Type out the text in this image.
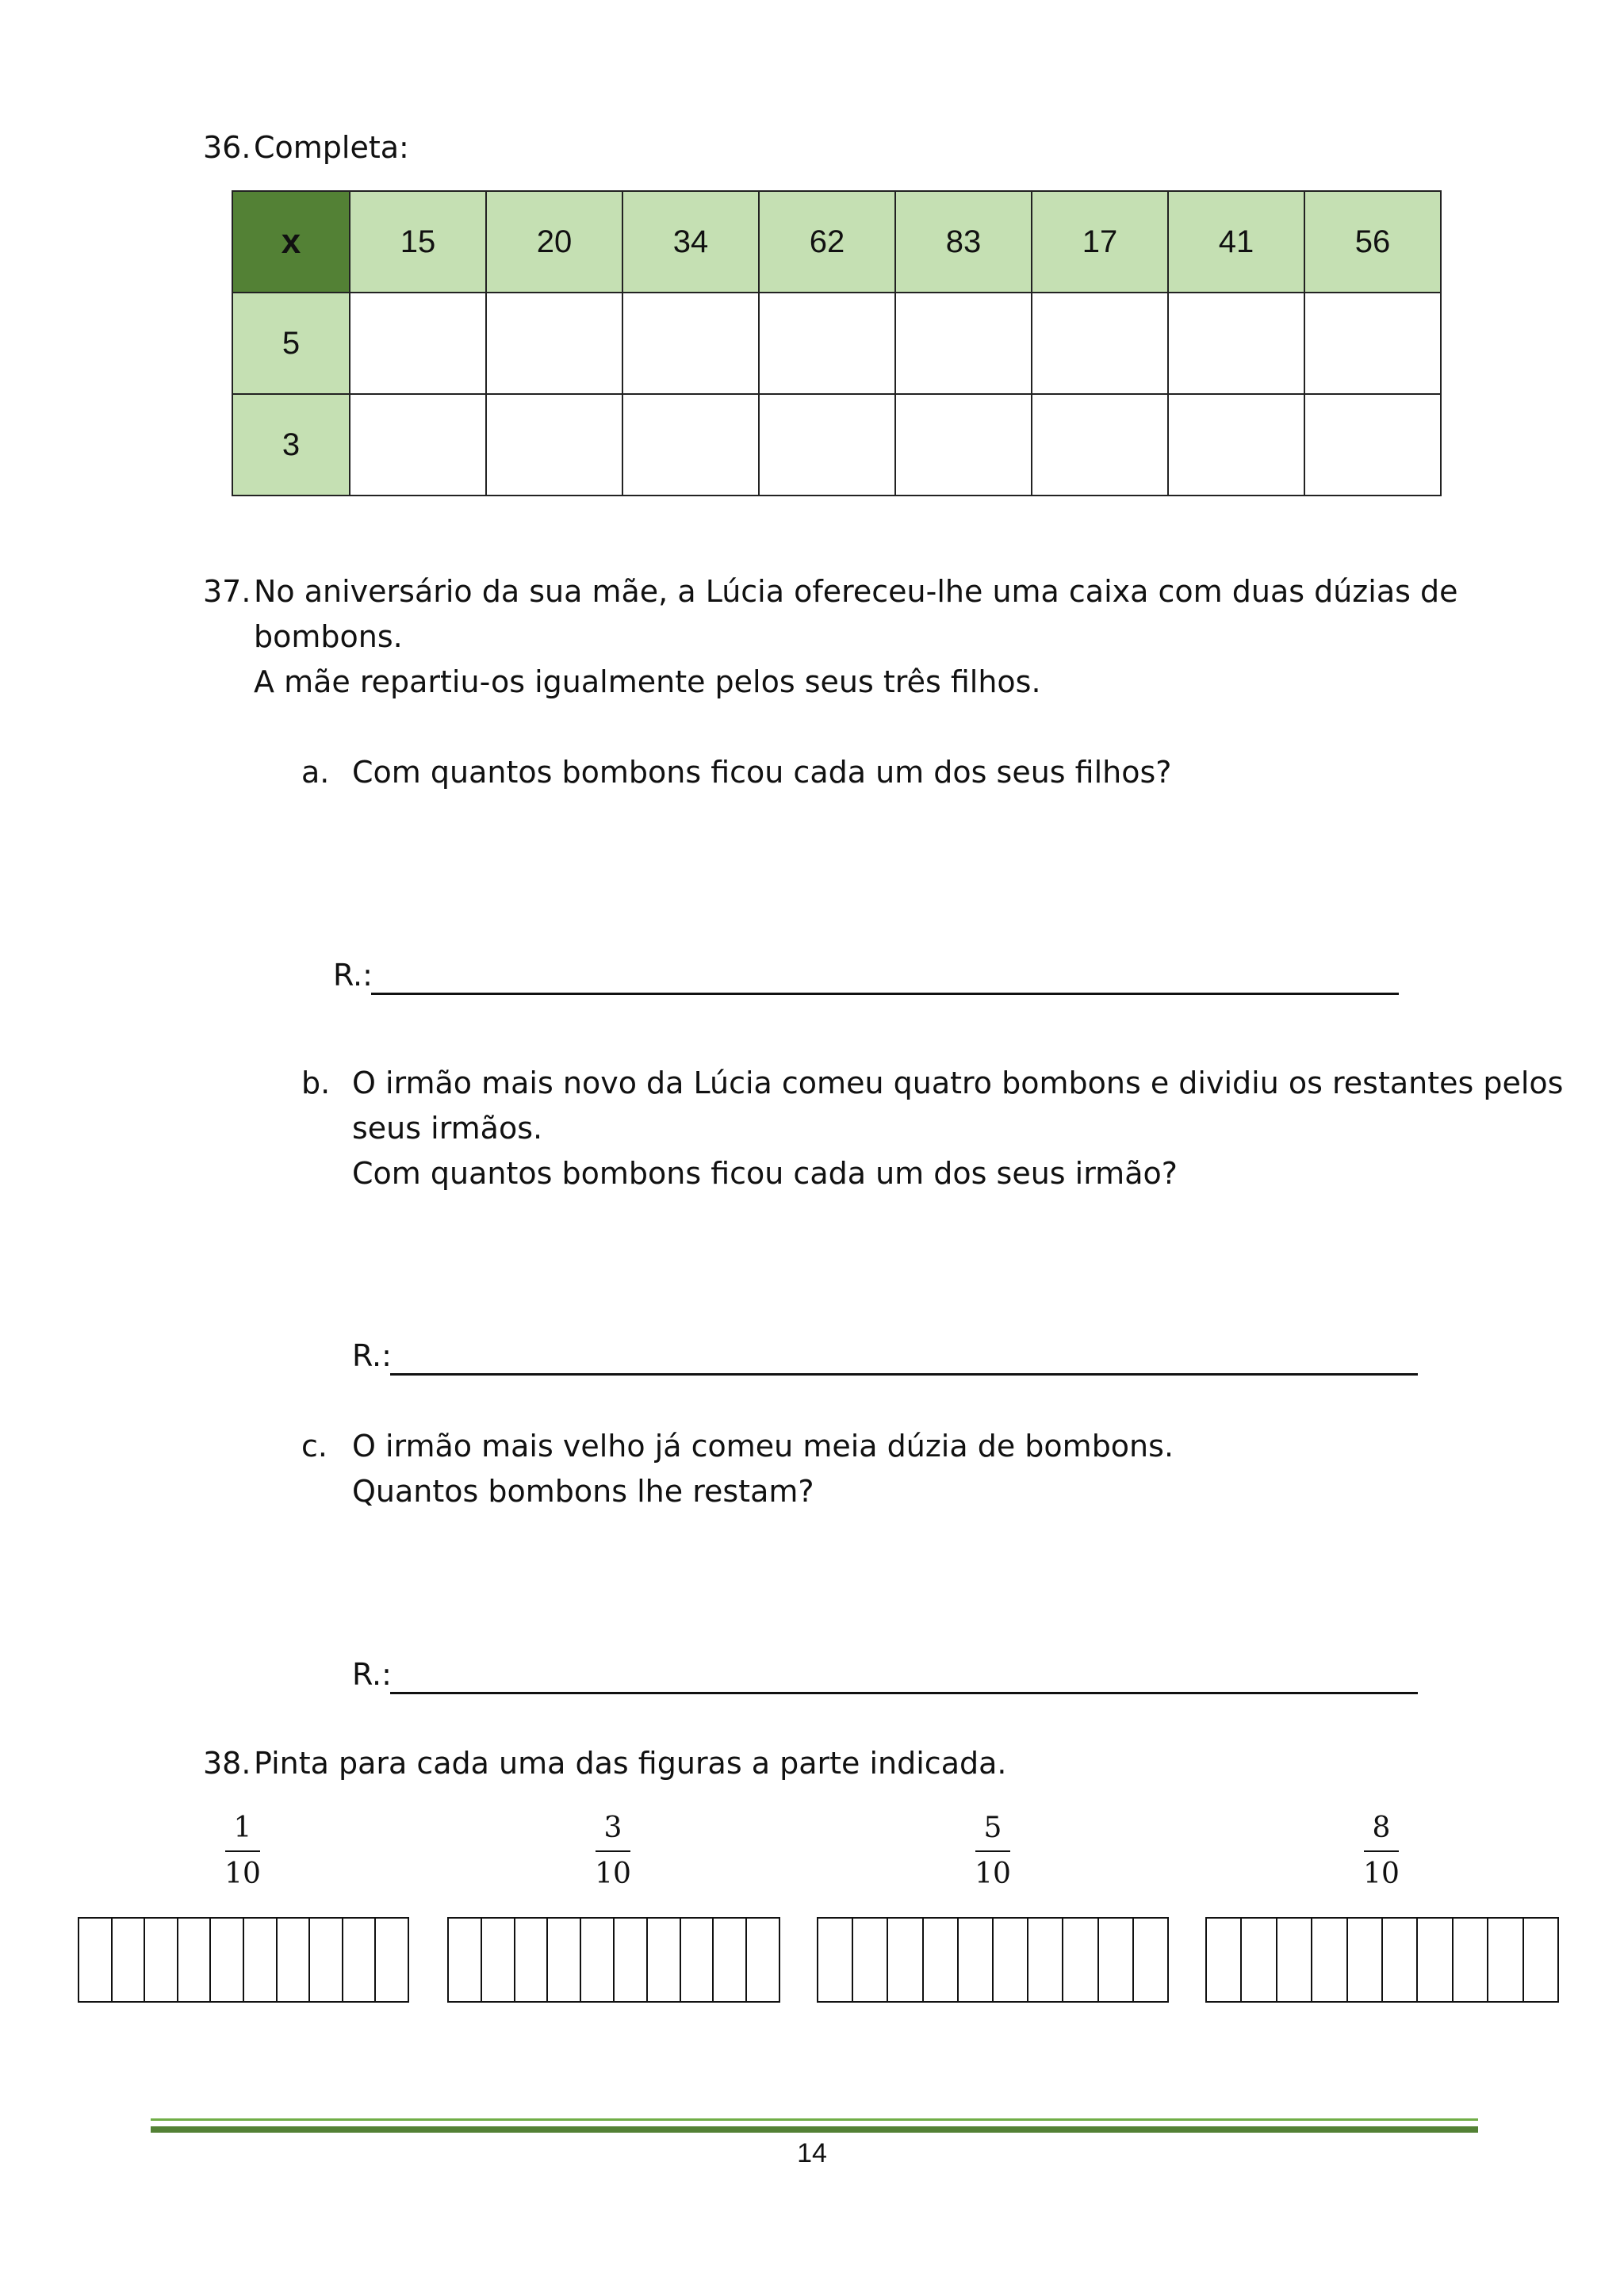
36.Completa:
x	15	20	34	62	83	17	41	56
5								
3								
37.No aniversário da sua mãe, a Lúcia ofereceu-lhe uma caixa com duas dúzias de
bombons.
A mãe repartiu-os igualmente pelos seus três filhos.
a. Com quantos bombons ficou cada um dos seus filhos?
R.:
b. O irmão mais novo da Lúcia comeu quatro bombons e dividiu os restantes pelos
seus irmãos.
Com quantos bombons ficou cada um dos seus irmão?
R.:
c. O irmão mais velho já comeu meia dúzia de bombons.
Quantos bombons lhe restam?
R.:
38.Pinta para cada uma das figuras a parte indicada.
1
10
3
10
5
10
8
10
14
